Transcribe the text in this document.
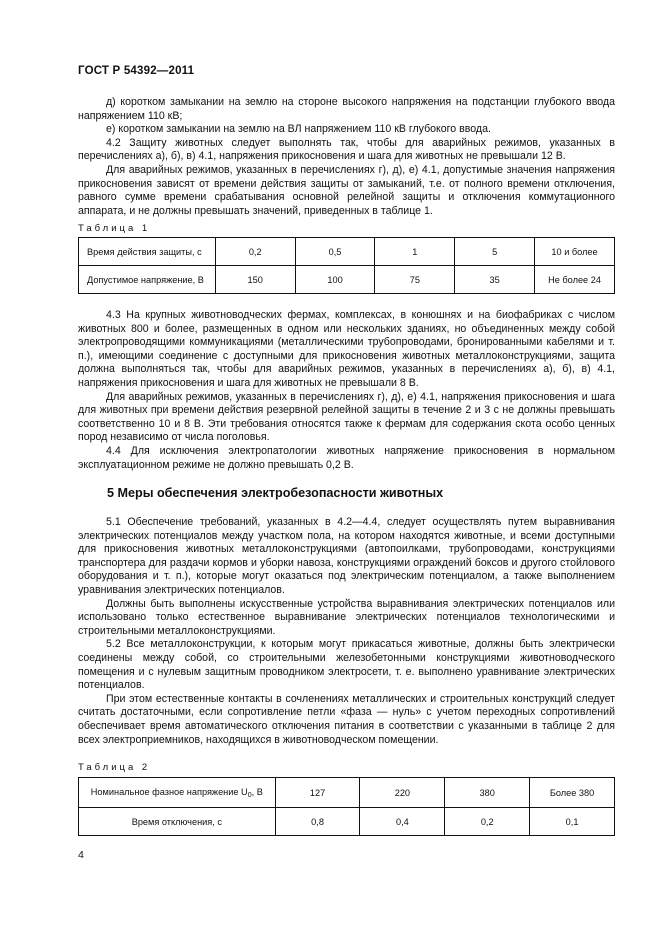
ГОСТ Р 54392—2011

д) коротком замыкании на землю на стороне высокого напряжения на подстанции глубокого ввода напряжением 110 кВ;

е) коротком замыкании на землю на ВЛ напряжением 110 кВ глубокого ввода.

4.2 Защиту животных следует выполнять так, чтобы для аварийных режимов, указанных в перечислениях а), б), в) 4.1, напряжения прикосновения и шага для животных не превышали 12 В.

Для аварийных режимов, указанных в перечислениях г), д), е) 4.1, допустимые значения напряжения прикосновения зависят от времени действия защиты от замыканий, т.е. от полного времени отключения, равного сумме времени срабатывания основной релейной защиты и отключения коммутационного аппарата, и не должны превышать значений, приведенных в таблице 1.

Таблица 1
Время действия защиты, с	0,2	0,5	1	5	10 и более
Допустимое напряжение, В	150	100	75	35	Не более 24

4.3 На крупных животноводческих фермах, комплексах, в конюшнях и на биофабриках с числом животных 800 и более, размещенных в одном или нескольких зданиях, но объединенных между собой электропроводящими коммуникациями (металлическими трубопроводами, бронированными кабелями и т. п.), имеющими соединение с доступными для прикосновения животных металлоконструкциями, защита должна выполняться так, чтобы для аварийных режимов, указанных в перечислениях а), б), в) 4.1, напряжения прикосновения и шага для животных не превышали 8 В.

Для аварийных режимов, указанных в перечислениях г), д), е) 4.1, напряжения прикосновения и шага для животных при времени действия резервной релейной защиты в течение 2 и 3 с не должны превышать соответственно 10 и 8 В. Эти требования относятся также к фермам для содержания скота особо ценных пород независимо от числа поголовья.

4.4 Для исключения электропатологии животных напряжение прикосновения в нормальном эксплуатационном режиме не должно превышать 0,2 В.

5 Меры обеспечения электробезопасности животных

5.1 Обеспечение требований, указанных в 4.2—4.4, следует осуществлять путем выравнивания электрических потенциалов между участком пола, на котором находятся животные, и всеми доступными для прикосновения животных металлоконструкциями (автопоилками, трубопроводами, конструкциями транспортера для раздачи кормов и уборки навоза, конструкциями ограждений боксов и другого стойлового оборудования и т. п.), которые могут оказаться под электрическим потенциалом, а также выполнением уравнивания электрических потенциалов.

Должны быть выполнены искусственные устройства выравнивания электрических потенциалов или использовано только естественное выравнивание электрических потенциалов технологическими и строительными металлоконструкциями.

5.2 Все металлоконструкции, к которым могут прикасаться животные, должны быть электрически соединены между собой, со строительными железобетонными конструкциями животноводческого помещения и с нулевым защитным проводником электросети, т. е. выполнено уравнивание электрических потенциалов.

При этом естественные контакты в сочленениях металлических и строительных конструкций следует считать достаточными, если сопротивление петли «фаза — нуль» с учетом переходных сопротивлений обеспечивает время автоматического отключения питания в соответствии с указанными в таблице 2 для всех электроприемников, находящихся в животноводческом помещении.

Таблица 2
Номинальное фазное напряжение $U_0$, В	127	220	380	Более 380
Время отключения, с	0,8	0,4	0,2	0,1
4
